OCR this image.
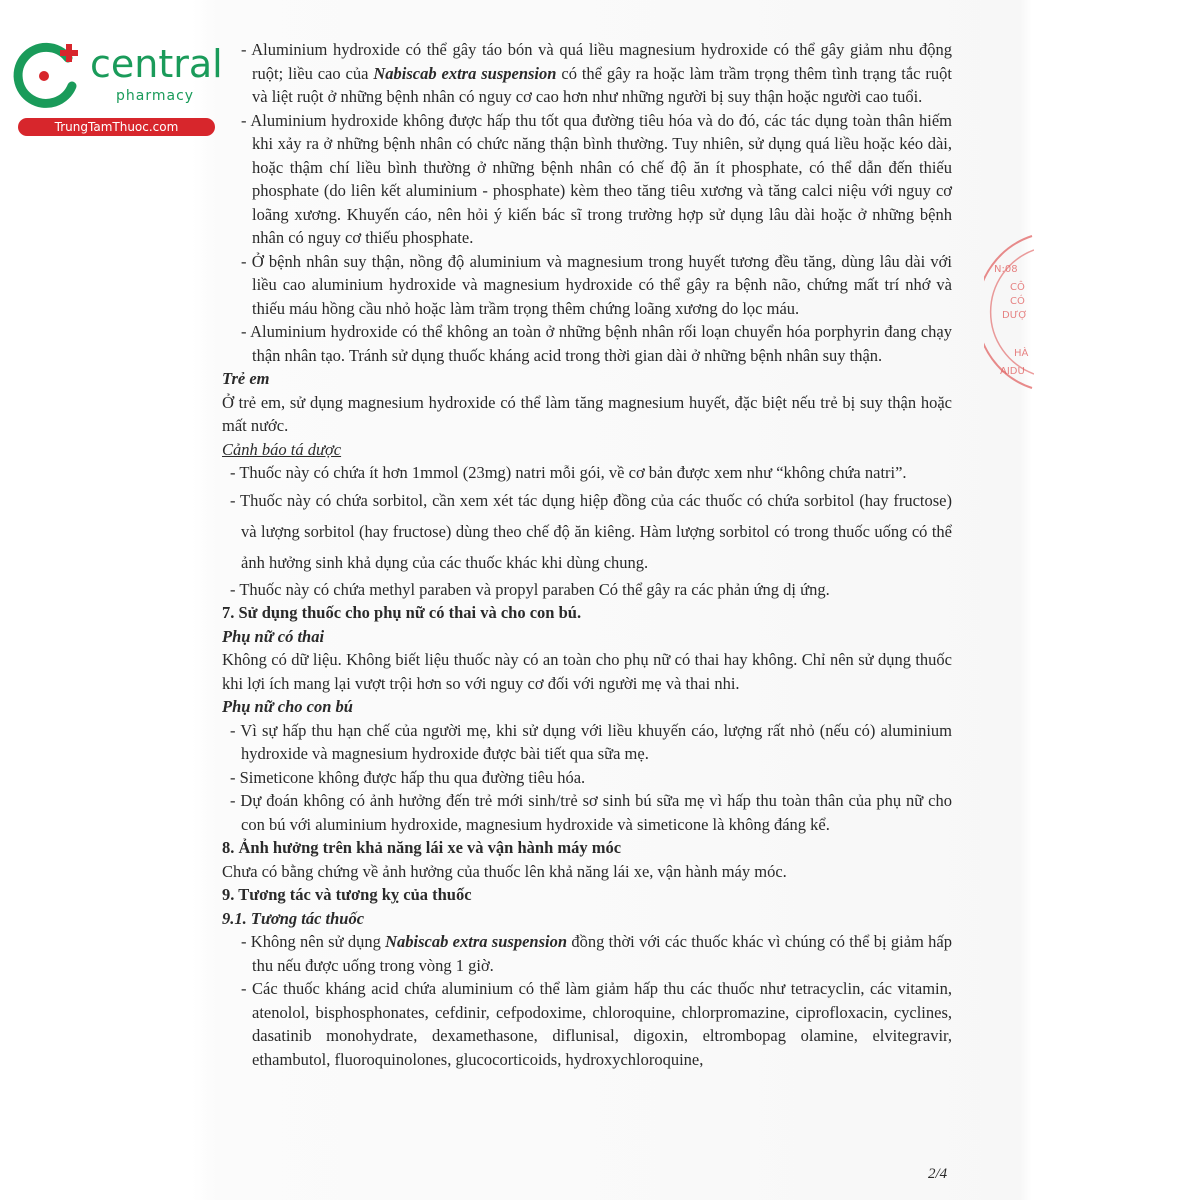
central
pharmacy
TrungTamThuoc.com
N:08
CÔ
CÓ
DƯỢ
HÀ
AIDU

- Aluminium hydroxide có thể gây táo bón và quá liều magnesium hydroxide có thể gây giảm nhu động ruột; liều cao của Nabiscab extra suspension có thể gây ra hoặc làm trầm trọng thêm tình trạng tắc ruột và liệt ruột ở những bệnh nhân có nguy cơ cao hơn như những người bị suy thận hoặc người cao tuổi.

- Aluminium hydroxide không được hấp thu tốt qua đường tiêu hóa và do đó, các tác dụng toàn thân hiếm khi xảy ra ở những bệnh nhân có chức năng thận bình thường. Tuy nhiên, sử dụng quá liều hoặc kéo dài, hoặc thậm chí liều bình thường ở những bệnh nhân có chế độ ăn ít phosphate, có thể dẫn đến thiếu phosphate (do liên kết aluminium - phosphate) kèm theo tăng tiêu xương và tăng calci niệu với nguy cơ loãng xương. Khuyến cáo, nên hỏi ý kiến bác sĩ trong trường hợp sử dụng lâu dài hoặc ở những bệnh nhân có nguy cơ thiếu phosphate.

- Ở bệnh nhân suy thận, nồng độ aluminium và magnesium trong huyết tương đều tăng, dùng lâu dài với liều cao aluminium hydroxide và magnesium hydroxide có thể gây ra bệnh não, chứng mất trí nhớ và thiếu máu hồng cầu nhỏ hoặc làm trầm trọng thêm chứng loãng xương do lọc máu.

- Aluminium hydroxide có thể không an toàn ở những bệnh nhân rối loạn chuyển hóa porphyrin đang chạy thận nhân tạo. Tránh sử dụng thuốc kháng acid trong thời gian dài ở những bệnh nhân suy thận.

Trẻ em

Ở trẻ em, sử dụng magnesium hydroxide có thể làm tăng magnesium huyết, đặc biệt nếu trẻ bị suy thận hoặc mất nước.

Cảnh báo tá dược

- Thuốc này có chứa ít hơn 1mmol (23mg) natri mỗi gói, về cơ bản được xem như “không chứa natri”.

- Thuốc này có chứa sorbitol, cần xem xét tác dụng hiệp đồng của các thuốc có chứa sorbitol (hay fructose) và lượng sorbitol (hay fructose) dùng theo chế độ ăn kiêng. Hàm lượng sorbitol có trong thuốc uống có thể ảnh hưởng sinh khả dụng của các thuốc khác khi dùng chung.

- Thuốc này có chứa methyl paraben và propyl paraben Có thể gây ra các phản ứng dị ứng.

7. Sử dụng thuốc cho phụ nữ có thai và cho con bú.

Phụ nữ có thai

Không có dữ liệu. Không biết liệu thuốc này có an toàn cho phụ nữ có thai hay không. Chỉ nên sử dụng thuốc khi lợi ích mang lại vượt trội hơn so với nguy cơ đối với người mẹ và thai nhi.

Phụ nữ cho con bú

- Vì sự hấp thu hạn chế của người mẹ, khi sử dụng với liều khuyến cáo, lượng rất nhỏ (nếu có) aluminium hydroxide và magnesium hydroxide được bài tiết qua sữa mẹ.

- Simeticone không được hấp thu qua đường tiêu hóa.

- Dự đoán không có ảnh hưởng đến trẻ mới sinh/trẻ sơ sinh bú sữa mẹ vì hấp thu toàn thân của phụ nữ cho con bú với aluminium hydroxide, magnesium hydroxide và simeticone là không đáng kể.

8. Ảnh hưởng trên khả năng lái xe và vận hành máy móc

Chưa có bằng chứng về ảnh hưởng của thuốc lên khả năng lái xe, vận hành máy móc.

9. Tương tác và tương kỵ của thuốc

9.1. Tương tác thuốc

- Không nên sử dụng Nabiscab extra suspension đồng thời với các thuốc khác vì chúng có thể bị giảm hấp thu nếu được uống trong vòng 1 giờ.

- Các thuốc kháng acid chứa aluminium có thể làm giảm hấp thu các thuốc như tetracyclin, các vitamin, atenolol, bisphosphonates, cefdinir, cefpodoxime, chloroquine, chlorpromazine, ciprofloxacin, cyclines, dasatinib monohydrate, dexamethasone, diflunisal, digoxin, eltrombopag olamine, elvitegravir, ethambutol, fluoroquinolones, glucocorticoids, hydroxychloroquine,

2/4
